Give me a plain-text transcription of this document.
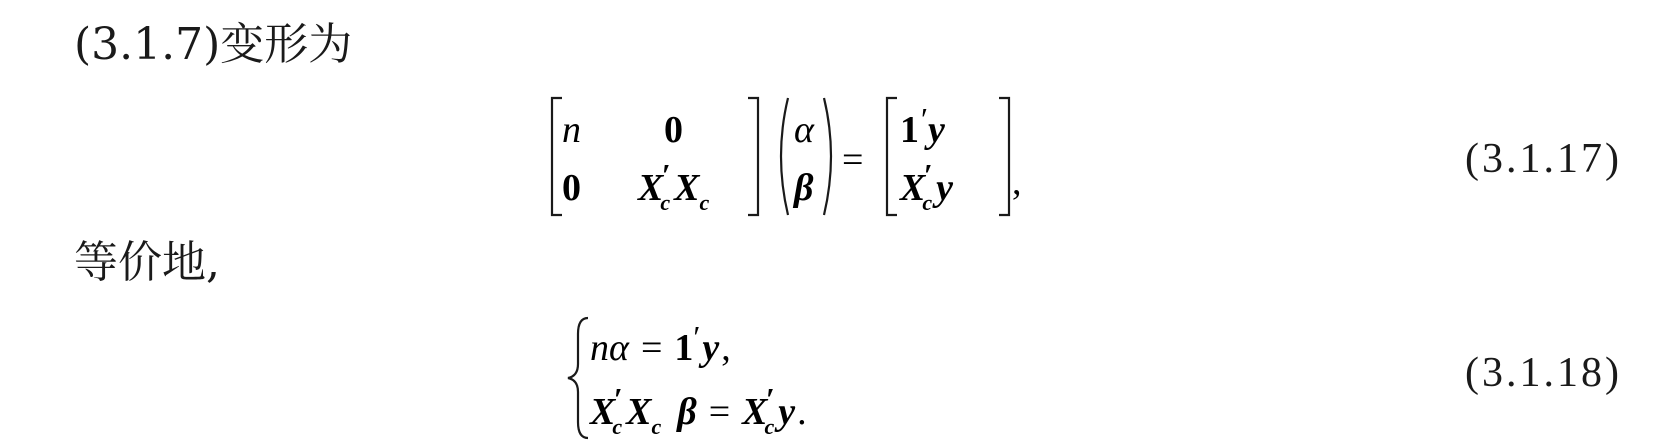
(3.1.7)变形为
n 0
0 X′ c Xc
α
β
=
1′y
X′ c y ,	(3.1.17)
等价地,
nα = 1′y,
X′ c Xc β = X′ c y.
(3.1.18)
